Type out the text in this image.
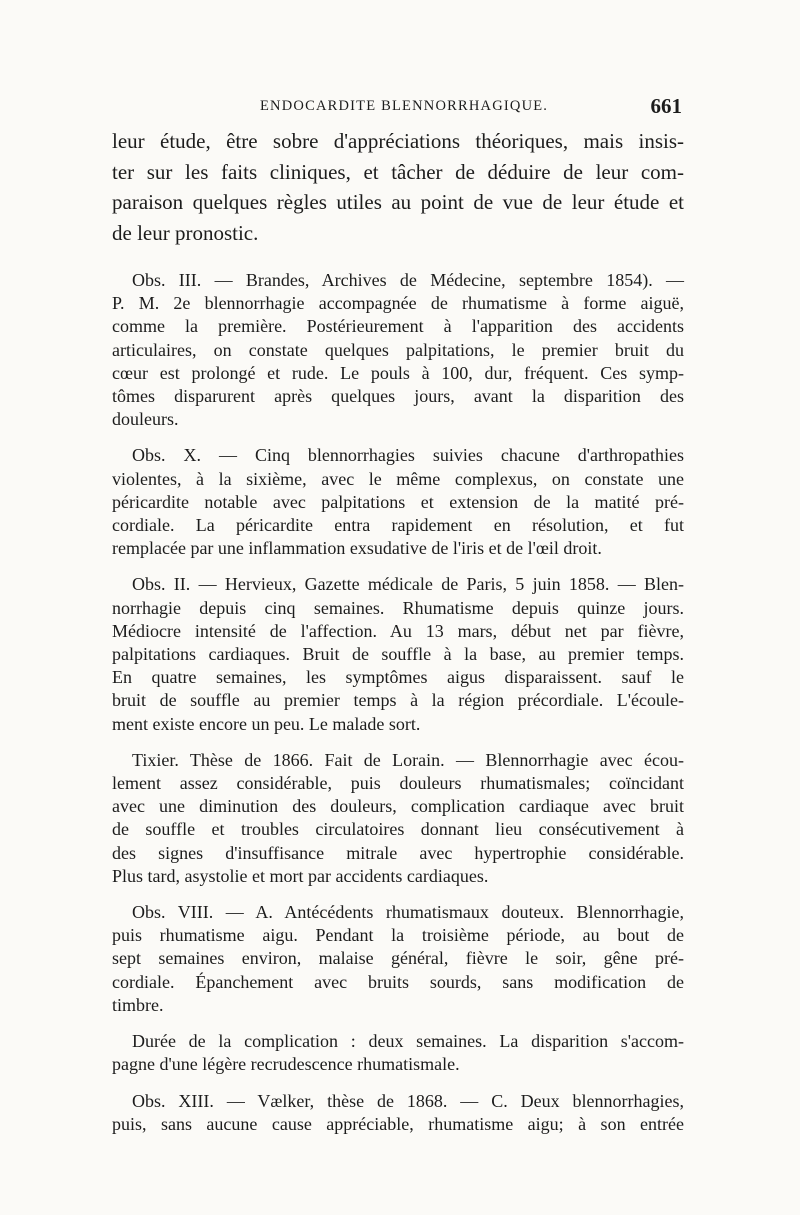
ENDOCARDITE BLENNORRHAGIQUE.	661

leur étude, être sobre d'appréciations théoriques, mais insis-
ter sur les faits cliniques, et tâcher de déduire de leur com-
paraison quelques règles utiles au point de vue de leur étude et
de leur pronostic.

Obs. III. — Brandes, Archives de Médecine, septembre 1854). —
P. M. 2e blennorrhagie accompagnée de rhumatisme à forme aiguë,
comme la première. Postérieurement à l'apparition des accidents
articulaires, on constate quelques palpitations, le premier bruit du
cœur est prolongé et rude. Le pouls à 100, dur, fréquent. Ces symp-
tômes disparurent après quelques jours, avant la disparition des
douleurs.

Obs. X. — Cinq blennorrhagies suivies chacune d'arthropathies
violentes, à la sixième, avec le même complexus, on constate une
péricardite notable avec palpitations et extension de la matité pré-
cordiale. La péricardite entra rapidement en résolution, et fut
remplacée par une inflammation exsudative de l'iris et de l'œil droit.

Obs. II. — Hervieux, Gazette médicale de Paris, 5 juin 1858. — Blen-
norrhagie depuis cinq semaines. Rhumatisme depuis quinze jours.
Médiocre intensité de l'affection. Au 13 mars, début net par fièvre,
palpitations cardiaques. Bruit de souffle à la base, au premier temps.
En quatre semaines, les symptômes aigus disparaissent. sauf le
bruit de souffle au premier temps à la région précordiale. L'écoule-
ment existe encore un peu. Le malade sort.

Tixier. Thèse de 1866. Fait de Lorain. — Blennorrhagie avec écou-
lement assez considérable, puis douleurs rhumatismales; coïncidant
avec une diminution des douleurs, complication cardiaque avec bruit
de souffle et troubles circulatoires donnant lieu consécutivement à
des signes d'insuffisance mitrale avec hypertrophie considérable.
Plus tard, asystolie et mort par accidents cardiaques.

Obs. VIII. — A. Antécédents rhumatismaux douteux. Blennorrhagie,
puis rhumatisme aigu. Pendant la troisième période, au bout de
sept semaines environ, malaise général, fièvre le soir, gêne pré-
cordiale. Épanchement avec bruits sourds, sans modification de
timbre.

Durée de la complication : deux semaines. La disparition s'accom-
pagne d'une légère recrudescence rhumatismale.

Obs. XIII. — Vælker, thèse de 1868. — C. Deux blennorrhagies,
puis, sans aucune cause appréciable, rhumatisme aigu; à son entrée
